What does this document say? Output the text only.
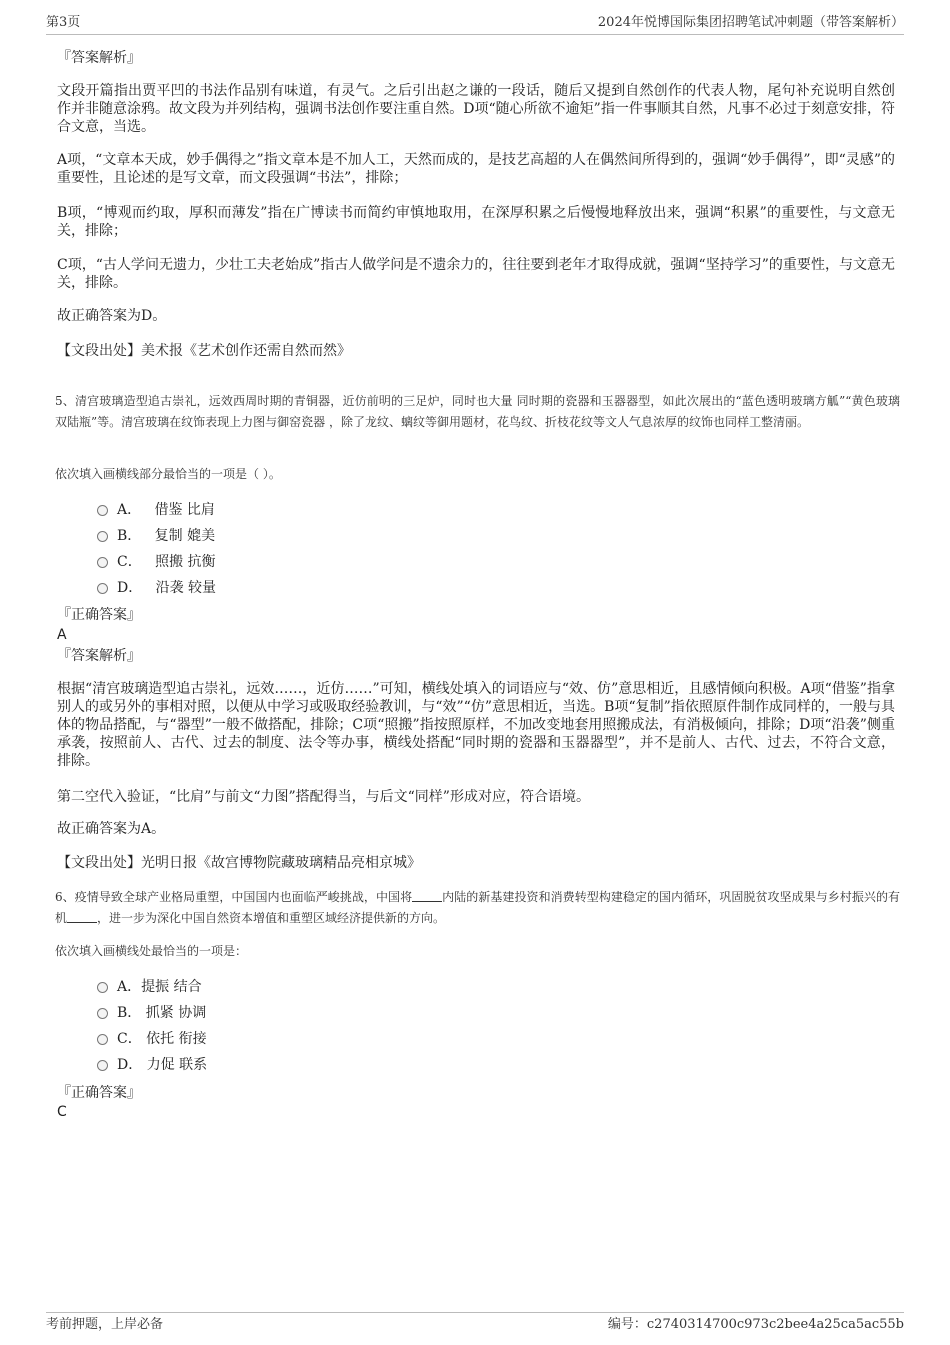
第3页	2024年悦博国际集团招聘笔试冲刺题（带答案解析）
『答案解析』
文段开篇指出贾平凹的书法作品别有味道，有灵气。之后引出赵之谦的一段话，随后又提到自然创作的代表人物，尾句补充说明自然创作并非随意涂鸦。故文段为并列结构，强调书法创作要注重自然。D项“随心所欲不逾矩”指一件事顺其自然，凡事不必过于刻意安排，符合文意，当选。
A项，“文章本天成，妙手偶得之”指文章本是不加人工，天然而成的，是技艺高超的人在偶然间所得到的，强调“妙手偶得”，即“灵感”的重要性，且论述的是写文章，而文段强调“书法”，排除；
B项，“博观而约取，厚积而薄发”指在广博读书而简约审慎地取用，在深厚积累之后慢慢地释放出来，强调“积累”的重要性，与文意无关，排除；
C项，“古人学问无遗力，少壮工夫老始成”指古人做学问是不遗余力的，往往要到老年才取得成就，强调“坚持学习”的重要性，与文意无关，排除。
故正确答案为D。
【文段出处】美术报《艺术创作还需自然而然》
5、清宫玻璃造型追古崇礼，远效西周时期的青铜器，近仿前明的三足炉，同时也大量 同时期的瓷器和玉器器型，如此次展出的“蓝色透明玻璃方觚”“黄色玻璃双陆瓶”等。清宫玻璃在纹饰表现上力图与御窑瓷器 ，除了龙纹、螭纹等御用题材，花鸟纹、折枝花纹等文人气息浓厚的纹饰也同样工整清丽。
依次填入画横线部分最恰当的一项是（ ）。
A． 借鉴 比肩
B． 复制 媲美
C． 照搬 抗衡
D． 沿袭 较量
『正确答案』
A
『答案解析』
根据“清宫玻璃造型追古崇礼，远效……，近仿……”可知，横线处填入的词语应与“效、仿”意思相近，且感情倾向积极。A项“借鉴”指拿别人的或另外的事相对照，以便从中学习或吸取经验教训，与“效”“仿”意思相近，当选。B项“复制”指依照原件制作成同样的，一般与具体的物品搭配，与“器型”一般不做搭配，排除；C项“照搬”指按照原样，不加改变地套用照搬成法，有消极倾向，排除；D项“沿袭”侧重承袭，按照前人、古代、过去的制度、法令等办事，横线处搭配“同时期的瓷器和玉器器型”，并不是前人、古代、过去，不符合文意，排除。
第二空代入验证，“比肩”与前文“力图”搭配得当，与后文“同样”形成对应，符合语境。
故正确答案为A。
【文段出处】光明日报《故宫博物院藏玻璃精品亮相京城》
6、疫情导致全球产业格局重塑，中国国内也面临严峻挑战，中国将	内陆的新基建投资和消费转型构建稳定的国内循环，巩固脱贫攻坚成果与乡村振兴的有机	，进一步为深化中国自然资本增值和重塑区域经济提供新的方向。
依次填入画横线处最恰当的一项是：
A．提振 结合
B． 抓紧 协调
C． 依托 衔接
D． 力促 联系
『正确答案』
C
考前押题，上岸必备	编号：c2740314700c973c2bee4a25ca5ac55b
